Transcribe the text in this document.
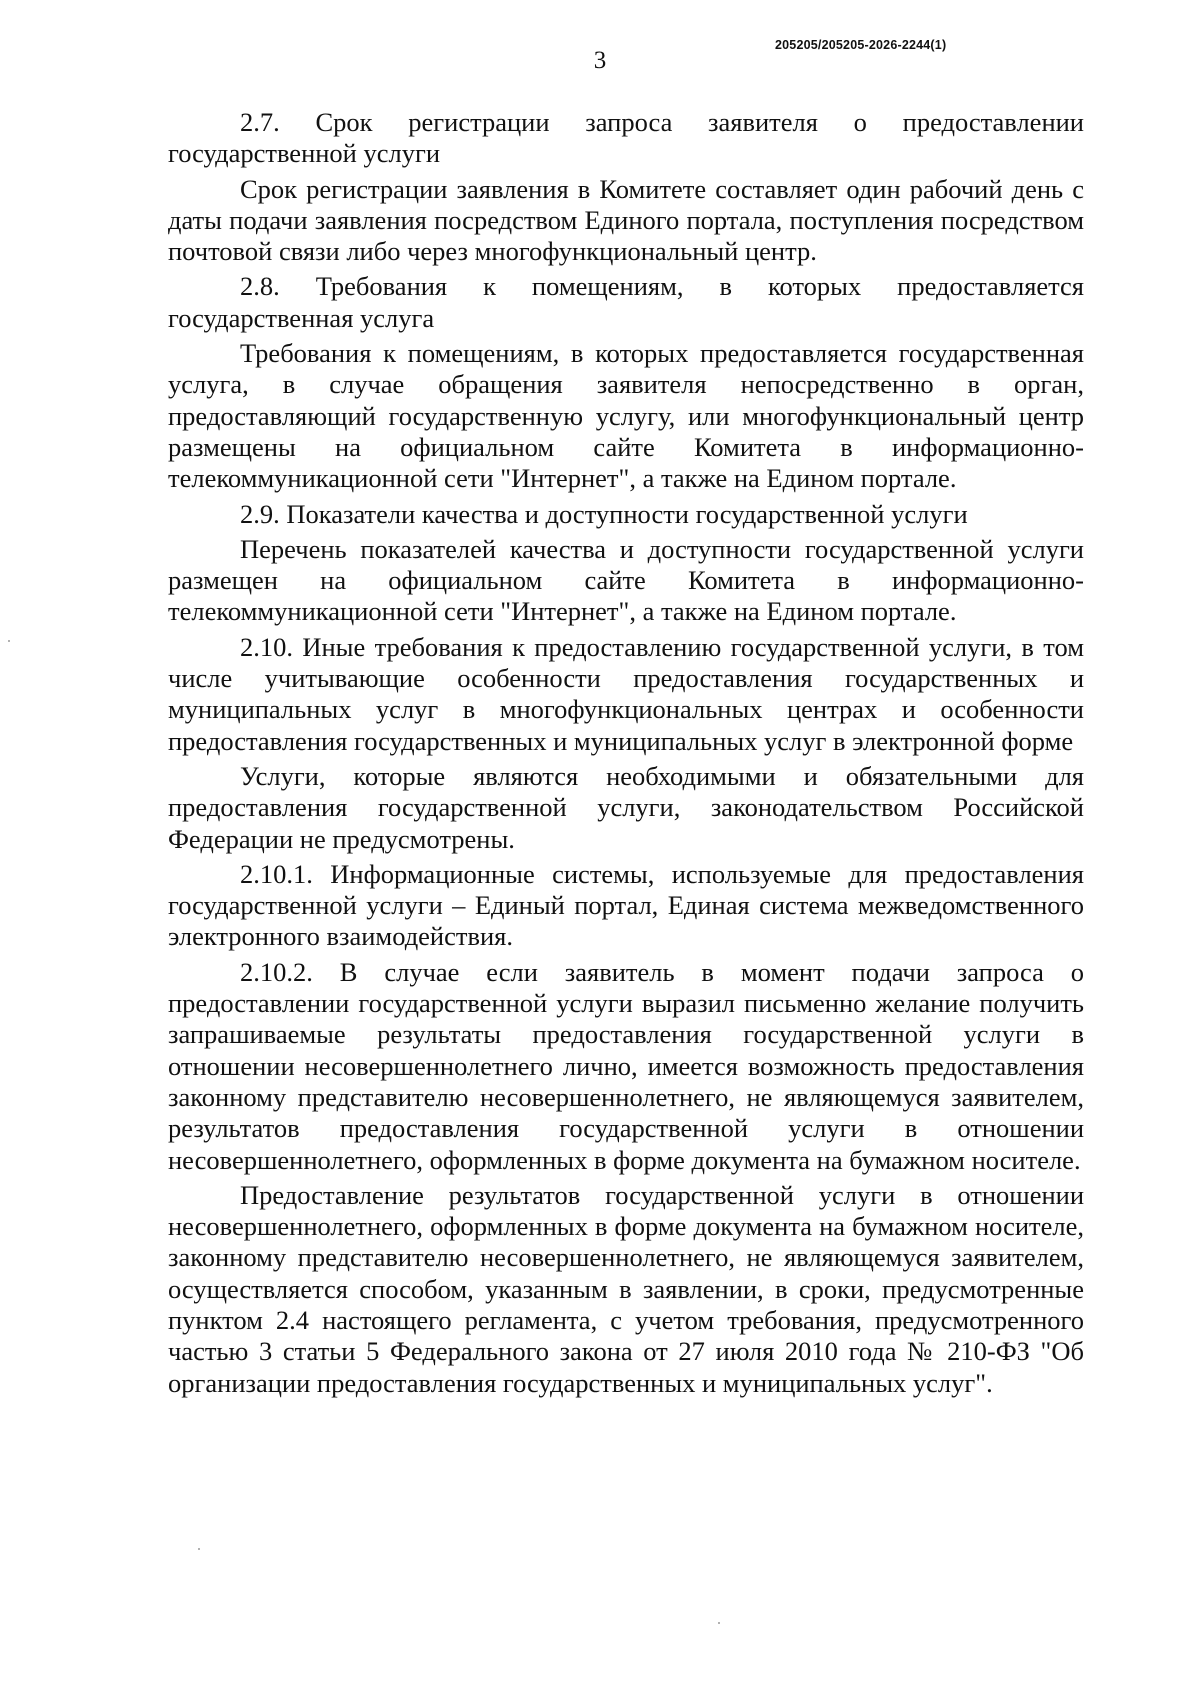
3
205205/205205-2026-2244(1)

2.7. Срок регистрации запроса заявителя о предоставлении государственной услуги

Срок регистрации заявления в Комитете составляет один рабочий день с даты подачи заявления посредством Единого портала, поступления посредством почтовой связи либо через многофункциональный центр.

2.8. Требования к помещениям, в которых предоставляется государственная услуга

Требования к помещениям, в которых предоставляется государственная услуга, в случае обращения заявителя непосредственно в орган, предоставляющий государственную услугу, или многофункциональный центр размещены на официальном сайте Комитета в информационно-телекоммуникационной сети "Интернет", а также на Едином портале.

2.9. Показатели качества и доступности государственной услуги

Перечень показателей качества и доступности государственной услуги размещен на официальном сайте Комитета в информационно-телекоммуникационной сети "Интернет", а также на Едином портале.

2.10. Иные требования к предоставлению государственной услуги, в том числе учитывающие особенности предоставления государственных и муниципальных услуг в многофункциональных центрах и особенности предоставления государственных и муниципальных услуг в электронной форме

Услуги, которые являются необходимыми и обязательными для предоставления государственной услуги, законодательством Российской Федерации не предусмотрены.

2.10.1. Информационные системы, используемые для предоставления государственной услуги – Единый портал, Единая система межведомственного электронного взаимодействия.

2.10.2. В случае если заявитель в момент подачи запроса о предоставлении государственной услуги выразил письменно желание получить запрашиваемые результаты предоставления государственной услуги в отношении несовершеннолетнего лично, имеется возможность предоставления законному представителю несовершеннолетнего, не являющемуся заявителем, результатов предоставления государственной услуги в отношении несовершеннолетнего, оформленных в форме документа на бумажном носителе.

Предоставление результатов государственной услуги в отношении несовершеннолетнего, оформленных в форме документа на бумажном носителе, законному представителю несовершеннолетнего, не являющемуся заявителем, осуществляется способом, указанным в заявлении, в сроки, предусмотренные пунктом 2.4 настоящего регламента, с учетом требования, предусмотренного частью 3 статьи 5 Федерального закона от 27 июля 2010 года № 210-ФЗ "Об организации предоставления государственных и муниципальных услуг".
